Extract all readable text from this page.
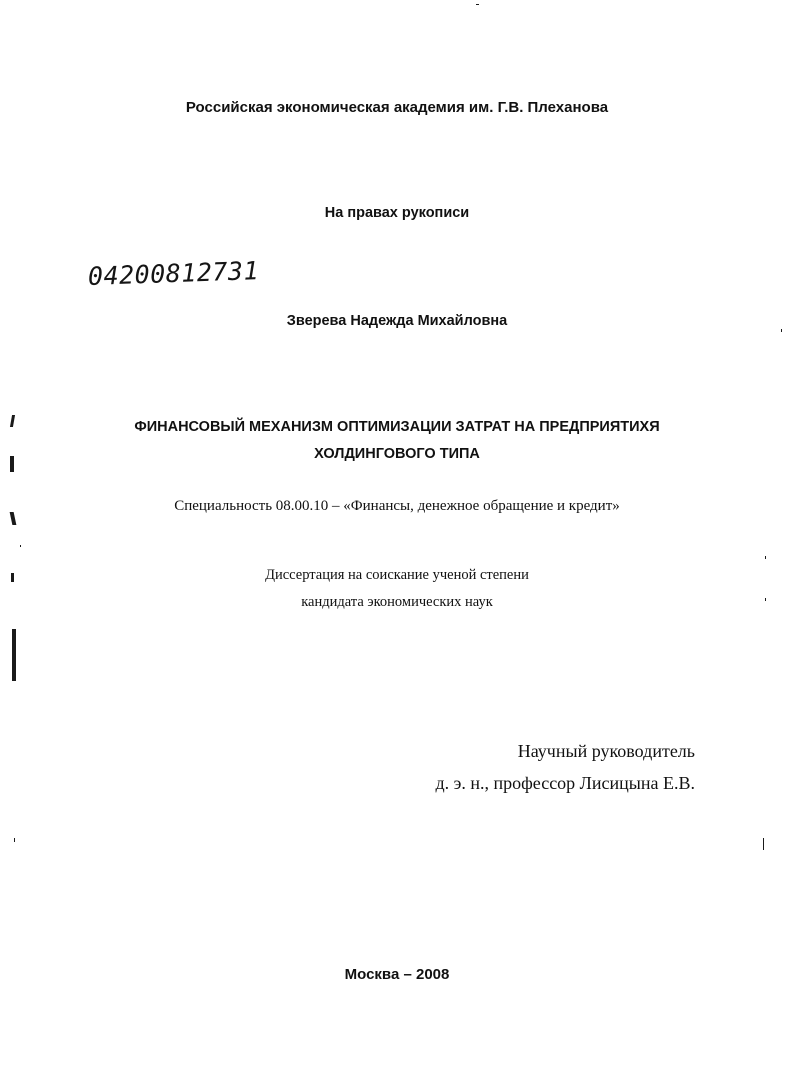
Российская экономическая академия им. Г.В. Плеханова
На правах рукописи
04200812731
Зверева Надежда Михайловна
ФИНАНСОВЫЙ МЕХАНИЗМ ОПТИМИЗАЦИИ ЗАТРАТ НА ПРЕДПРИЯТИХЯ
ХОЛДИНГОВОГО ТИПА
Специальность 08.00.10 – «Финансы, денежное обращение и кредит»
Диссертация на соискание ученой степени
кандидата экономических наук
Научный руководитель
д. э. н., профессор Лисицына Е.В.
Москва – 2008
